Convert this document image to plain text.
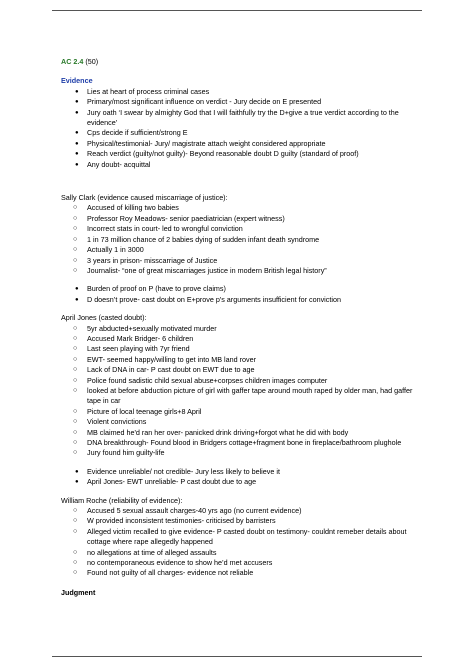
AC 2.4 (50)
Evidence
● Lies at heart of process criminal cases
● Primary/most significant influence on verdict - Jury decide on E presented
● Jury oath ‘I swear by almighty God that I will faithfully try the D+give a true verdict according to the evidence’
● Cps decide if sufficient/strong E
● Physical/testimonial- Jury/ magistrate attach weight considered appropriate
● Reach verdict (guilty/not guilty)- Beyond reasonable doubt D guilty (standard of proof)
● Any doubt- acquittal
Sally Clark (evidence caused miscarriage of justice):
○ Accused of killing two babies
○ Professor Roy Meadows- senior paediatrician (expert witness)
○ Incorrect stats in court- led to wrongful conviction
○ 1 in 73 million chance of 2 babies dying of sudden infant death syndrome
○ Actually 1 in 3000
○ 3 years in prison- misscarriage of Justice
○ Journalist- “one of great miscarriages justice in modern British legal history”
● Burden of proof on P (have to prove claims)
● D doesn’t prove- cast doubt on E+prove p's arguments insufficient for conviction
April Jones (casted doubt):
○ 5yr abducted+sexually motivated murder
○ Accused Mark Bridger- 6 children
○ Last seen playing with 7yr friend
○ EWT- seemed happy/willing to get into MB land rover
○ Lack of DNA in car- P cast doubt on EWT due to age
○ Police found sadistic child sexual abuse+corpses children images computer
○ looked at before abduction picture of girl with gaffer tape around mouth raped by older man, had gaffer tape in car
○ Picture of local teenage girls+8 April
○ Violent convictions
○ MB claimed he'd ran her over- panicked drink driving+forgot what he did with body
○ DNA breakthrough- Found blood in Bridgers cottage+fragment bone in fireplace/bathroom plughole
○ Jury found him guilty-life
● Evidence unreliable/ not credible- Jury less likely to believe it
● April Jones- EWT unreliable- P cast doubt due to age
William Roche (reliability of evidence):
○ Accused 5 sexual assault charges-40 yrs ago (no current evidence)
○ W provided inconsistent testimonies- criticised by barristers
○ Alleged victim recalled to give evidence- P casted doubt on testimony- couldnt remeber details about cottage where rape allegedly happened
○ no allegations at time of alleged assaults
○ no contemporaneous evidence to show he’d met accusers
○ Found not guilty of all charges- evidence not reliable
Judgment
